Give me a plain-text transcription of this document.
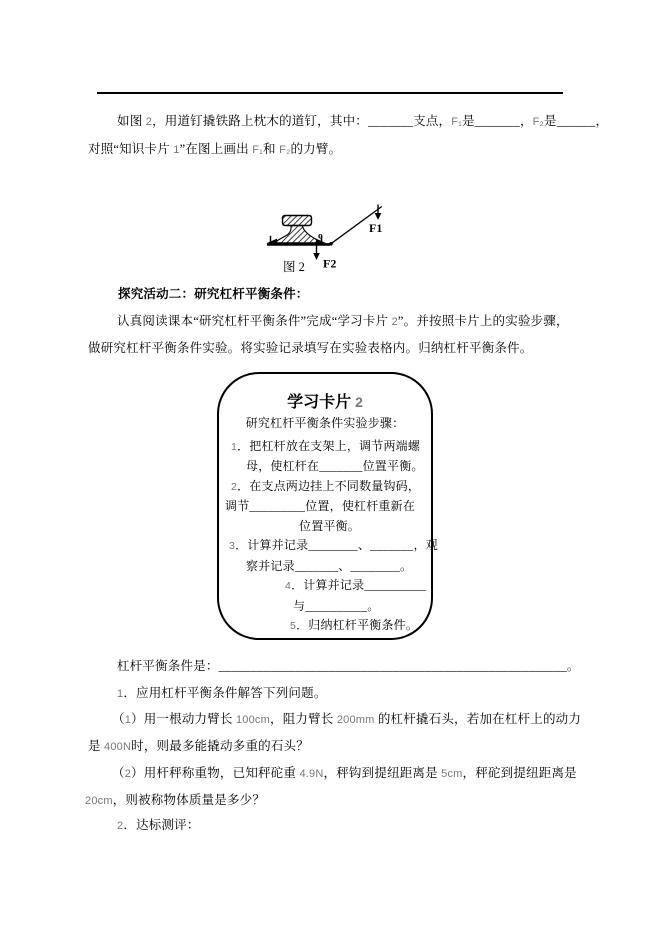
如图 2，用道钉撬铁路上枕木的道钉，其中：_______支点，F₁是_______，F₂是______，
对照“知识卡片 1”在图上画出 F₁和 F₂的力臂。
o
F1
F2
图 2
探究活动二：研究杠杆平衡条件：
认真阅读课本“研究杠杆平衡条件”完成“学习卡片 2”。并按照卡片上的实验步骤，
做研究杠杆平衡条件实验。将实验记录填写在实验表格内。归纳杠杆平衡条件。
学习卡片 2
研究杠杆平衡条件实验步骤：
1．把杠杆放在支架上，调节两端螺
母，使杠杆在_______位置平衡。
2．在支点两边挂上不同数量钩码，
调节_________位置，使杠杆重新在
位置平衡。
3．计算并记录________、_______，观
察并记录_______、________。
4．计算并记录__________
与__________。
5．归纳杠杆平衡条件。
杠杆平衡条件是：______________________________________________________。
1．应用杠杆平衡条件解答下列问题。
（1）用一根动力臂长 100cm，阻力臂长 200mm 的杠杆撬石头，若加在杠杆上的动力
是 400N时，则最多能撬动多重的石头？
（2）用杆秤称重物，已知秤砣重 4.9N，秤钩到提纽距离是 5cm，秤砣到提纽距离是
20cm，则被称物体质量是多少？
2．达标测评：
